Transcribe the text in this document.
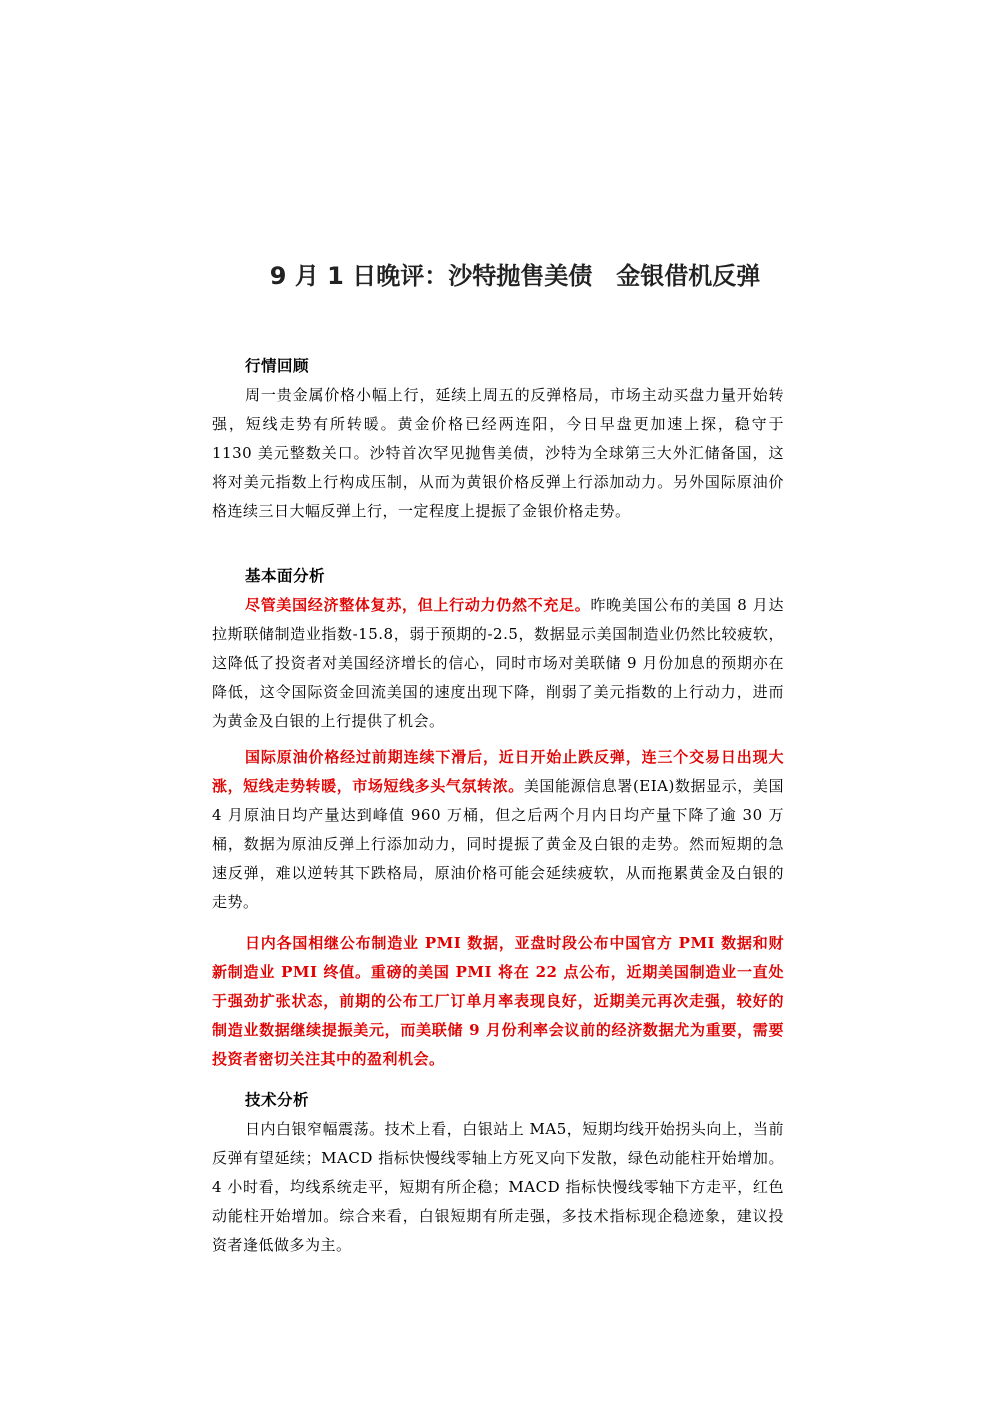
9 月 1 日晚评：沙特抛售美债　金银借机反弹
行情回顾

周一贵金属价格小幅上行，延续上周五的反弹格局，市场主动买盘力量开始转强，短线走势有所转暖。黄金价格已经两连阳，今日早盘更加速上探，稳守于 1130 美元整数关口。沙特首次罕见抛售美债，沙特为全球第三大外汇储备国，这将对美元指数上行构成压制，从而为黄银价格反弹上行添加动力。另外国际原油价格连续三日大幅反弹上行，一定程度上提振了金银价格走势。

基本面分析

尽管美国经济整体复苏，但上行动力仍然不充足。昨晚美国公布的美国 8 月达拉斯联储制造业指数-15.8，弱于预期的-2.5，数据显示美国制造业仍然比较疲软，这降低了投资者对美国经济增长的信心，同时市场对美联储 9 月份加息的预期亦在降低，这令国际资金回流美国的速度出现下降，削弱了美元指数的上行动力，进而为黄金及白银的上行提供了机会。

国际原油价格经过前期连续下滑后，近日开始止跌反弹，连三个交易日出现大涨，短线走势转暖，市场短线多头气氛转浓。美国能源信息署(EIA)数据显示，美国 4 月原油日均产量达到峰值 960 万桶，但之后两个月内日均产量下降了逾 30 万桶，数据为原油反弹上行添加动力，同时提振了黄金及白银的走势。然而短期的急速反弹，难以逆转其下跌格局，原油价格可能会延续疲软，从而拖累黄金及白银的走势。

日内各国相继公布制造业 PMI 数据，亚盘时段公布中国官方 PMI 数据和财新制造业 PMI 终值。重磅的美国 PMI 将在 22 点公布，近期美国制造业一直处于强劲扩张状态，前期的公布工厂订单月率表现良好，近期美元再次走强，较好的制造业数据继续提振美元，而美联储 9 月份利率会议前的经济数据尤为重要，需要投资者密切关注其中的盈利机会。

技术分析

日内白银窄幅震荡。技术上看，白银站上 MA5，短期均线开始拐头向上，当前反弹有望延续；MACD 指标快慢线零轴上方死叉向下发散，绿色动能柱开始增加。4 小时看，均线系统走平，短期有所企稳；MACD 指标快慢线零轴下方走平，红色动能柱开始增加。综合来看，白银短期有所走强，多技术指标现企稳迹象，建议投资者逢低做多为主。
